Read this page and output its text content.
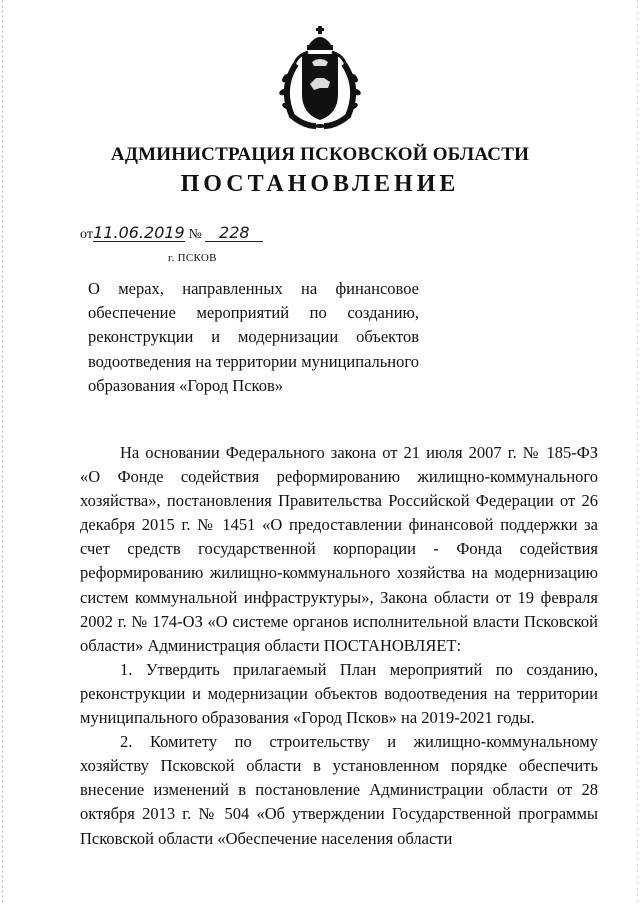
АДМИНИСТРАЦИЯ ПСКОВСКОЙ ОБЛАСТИ
ПОСТАНОВЛЕНИЕ
от11.06.2019 № 228
г. ПСКОВ

О мерах, направленных на финансовое обеспечение мероприятий по созданию, реконструкции и модернизации объектов водоотведения на территории муниципального образования «Город Псков»

На основании Федерального закона от 21 июля 2007 г. № 185-ФЗ «О Фонде содействия реформированию жилищно-коммунального хозяйства», постановления Правительства Российской Федерации от 26 декабря 2015 г. № 1451 «О предоставлении финансовой поддержки за счет средств государственной корпорации - Фонда содействия реформированию жилищно-коммунального хозяйства на модернизацию систем коммунальной инфраструктуры», Закона области от 19 февраля 2002 г. № 174-ОЗ «О системе органов исполнительной власти Псковской области» Администрация области ПОСТАНОВЛЯЕТ:

1. Утвердить прилагаемый План мероприятий по созданию, реконструкции и модернизации объектов водоотведения на территории муниципального образования «Город Псков» на 2019-2021 годы.

2. Комитету по строительству и жилищно-коммунальному хозяйству Псковской области в установленном порядке обеспечить внесение изменений в постановление Администрации области от 28 октября 2013 г. № 504 «Об утверждении Государственной программы Псковской области «Обеспечение населения области
